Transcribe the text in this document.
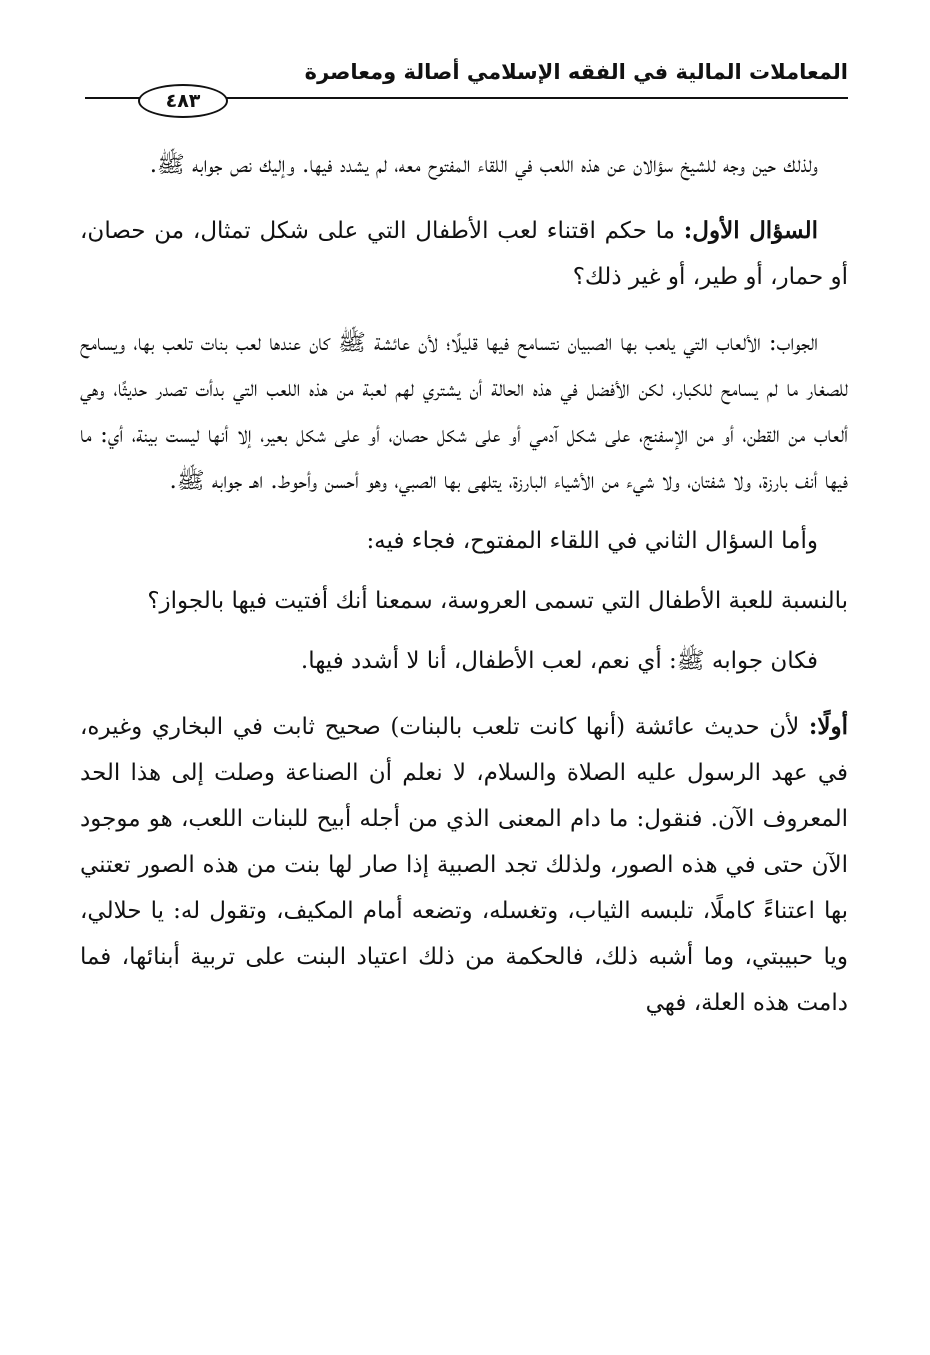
المعاملات المالية في الفقه الإسلامي أصالة ومعاصرة
٤٨٣

ولذلك حين وجه للشيخ سؤالان عن هذه اللعب في اللقاء المفتوح معه، لم يشدد فيها. وإليك نص جوابه ﷺ.

السؤال الأول: ما حكم اقتناء لعب الأطفال التي على شكل تمثال، من حصان، أو حمار، أو طير، أو غير ذلك؟

الجواب: الألعاب التي يلعب بها الصبيان نتسامح فيها قليلًا؛ لأن عائشة ﷺ كان عندها لعب بنات تلعب بها، ويسامح للصغار ما لم يسامح للكبار، لكن الأفضل في هذه الحالة أن يشتري لهم لعبة من هذه اللعب التي بدأت تصدر حديثًا، وهي ألعاب من القطن، أو من الإسفنج، على شكل آدمي أو على شكل حصان، أو على شكل بعير، إلا أنها ليست بينة، أي: ما فيها أنف بارزة، ولا شفتان، ولا شيء من الأشياء البارزة، يتلهى بها الصبي، وهو أحسن وأحوط. اهـ جوابه ﷺ.

وأما السؤال الثاني في اللقاء المفتوح، فجاء فيه:

بالنسبة للعبة الأطفال التي تسمى العروسة، سمعنا أنك أفتيت فيها بالجواز؟

فكان جوابه ﷺ: أي نعم، لعب الأطفال، أنا لا أشدد فيها.

أولًا: لأن حديث عائشة (أنها كانت تلعب بالبنات) صحيح ثابت في البخاري وغيره، في عهد الرسول عليه الصلاة والسلام، لا نعلم أن الصناعة وصلت إلى هذا الحد المعروف الآن. فنقول: ما دام المعنى الذي من أجله أبيح للبنات اللعب، هو موجود الآن حتى في هذه الصور، ولذلك تجد الصبية إذا صار لها بنت من هذه الصور تعتني بها اعتناءً كاملًا، تلبسه الثياب، وتغسله، وتضعه أمام المكيف، وتقول له: يا حلالي، ويا حبيبتي، وما أشبه ذلك، فالحكمة من ذلك اعتياد البنت على تربية أبنائها، فما دامت هذه العلة، فهي
